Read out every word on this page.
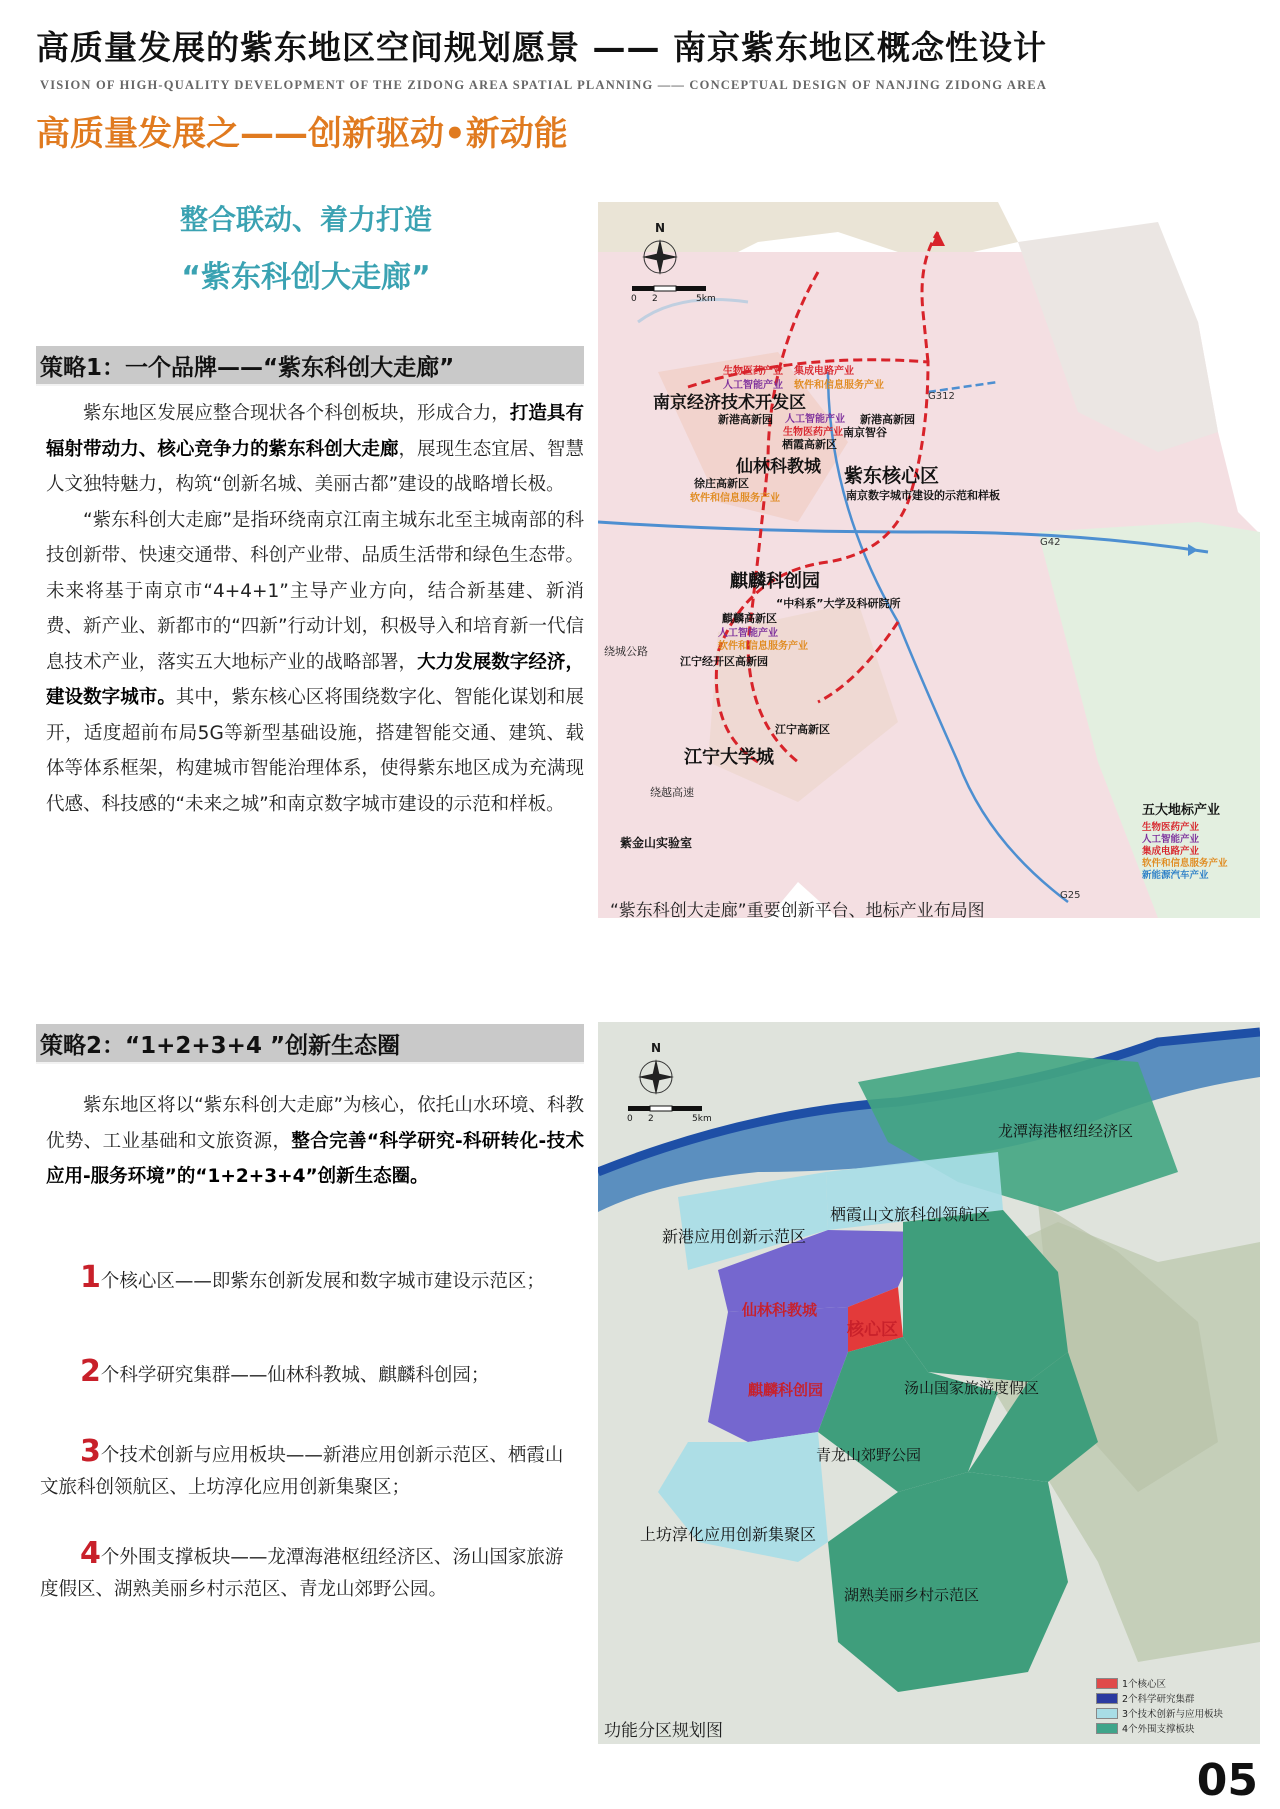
高质量发展的紫东地区空间规划愿景 —— 南京紫东地区概念性设计
VISION OF HIGH-QUALITY DEVELOPMENT OF THE ZIDONG AREA SPATIAL PLANNING —— CONCEPTUAL DESIGN OF NANJING ZIDONG AREA
高质量发展之——创新驱动•新动能
整合联动、着力打造
“紫东科创大走廊”
策略1：一个品牌——“紫东科创大走廊”

紫东地区发展应整合现状各个科创板块，形成合力，打造具有辐射带动力、核心竞争力的紫东科创大走廊，展现生态宜居、智慧人文独特魅力，构筑“创新名城、美丽古都”建设的战略增长极。

“紫东科创大走廊”是指环绕南京江南主城东北至主城南部的科技创新带、快速交通带、科创产业带、品质生活带和绿色生态带。未来将基于南京市“4+4+1”主导产业方向，结合新基建、新消费、新产业、新都市的“四新”行动计划，积极导入和培育新一代信息技术产业，落实五大地标产业的战略部署，大力发展数字经济，建设数字城市。其中，紫东核心区将围绕数字化、智能化谋划和展开，适度超前布局5G等新型基础设施，搭建智能交通、建筑、载体等体系框架，构建城市智能治理体系，使得紫东地区成为充满现代感、科技感的“未来之城”和南京数字城市建设的示范和样板。

N
0 2	5km
生物医药产业 集成电路产业
人工智能产业 软件和信息服务产业
南京经济技术开发区	G312
新港高新园 人工智能产业 新港高新园
生物医药产业 南京智谷
栖霞高新区
仙林科教城
徐庄高新区
软件和信息服务产业
紫东核心区
南京数字城市建设的示范和样板
G42
麒麟科创园
“中科系”大学及科研院所
麒麟高新区
人工智能产业
软件和信息服务产业
绕城公路
江宁经开区高新园
江宁高新区
江宁大学城
绕越高速
紫金山实验室
G25
“紫东科创大走廊”重要创新平台、地标产业布局图
五大地标产业
生物医药产业
人工智能产业
集成电路产业
软件和信息服务产业
新能源汽车产业
策略2：“1+2+3+4 ”创新生态圈

紫东地区将以“紫东科创大走廊”为核心，依托山水环境、科教优势、工业基础和文旅资源，整合完善“科学研究-科研转化-技术应用-服务环境”的“1+2+3+4”创新生态圈。

1个核心区——即紫东创新发展和数字城市建设示范区；
2个科学研究集群——仙林科教城、麒麟科创园；
3个技术创新与应用板块——新港应用创新示范区、栖霞山文旅科创领航区、上坊淳化应用创新集聚区；
4个外围支撑板块——龙潭海港枢纽经济区、汤山国家旅游度假区、湖熟美丽乡村示范区、青龙山郊野公园。
N
0 2	5km
龙潭海港枢纽经济区
栖霞山文旅科创领航区
新港应用创新示范区
仙林科教城
核心区
麒麟科创园	汤山国家旅游度假区
青龙山郊野公园
上坊淳化应用创新集聚区
湖熟美丽乡村示范区
功能分区规划图
1个核心区
2个科学研究集群
3个技术创新与应用板块
4个外围支撑板块
05
